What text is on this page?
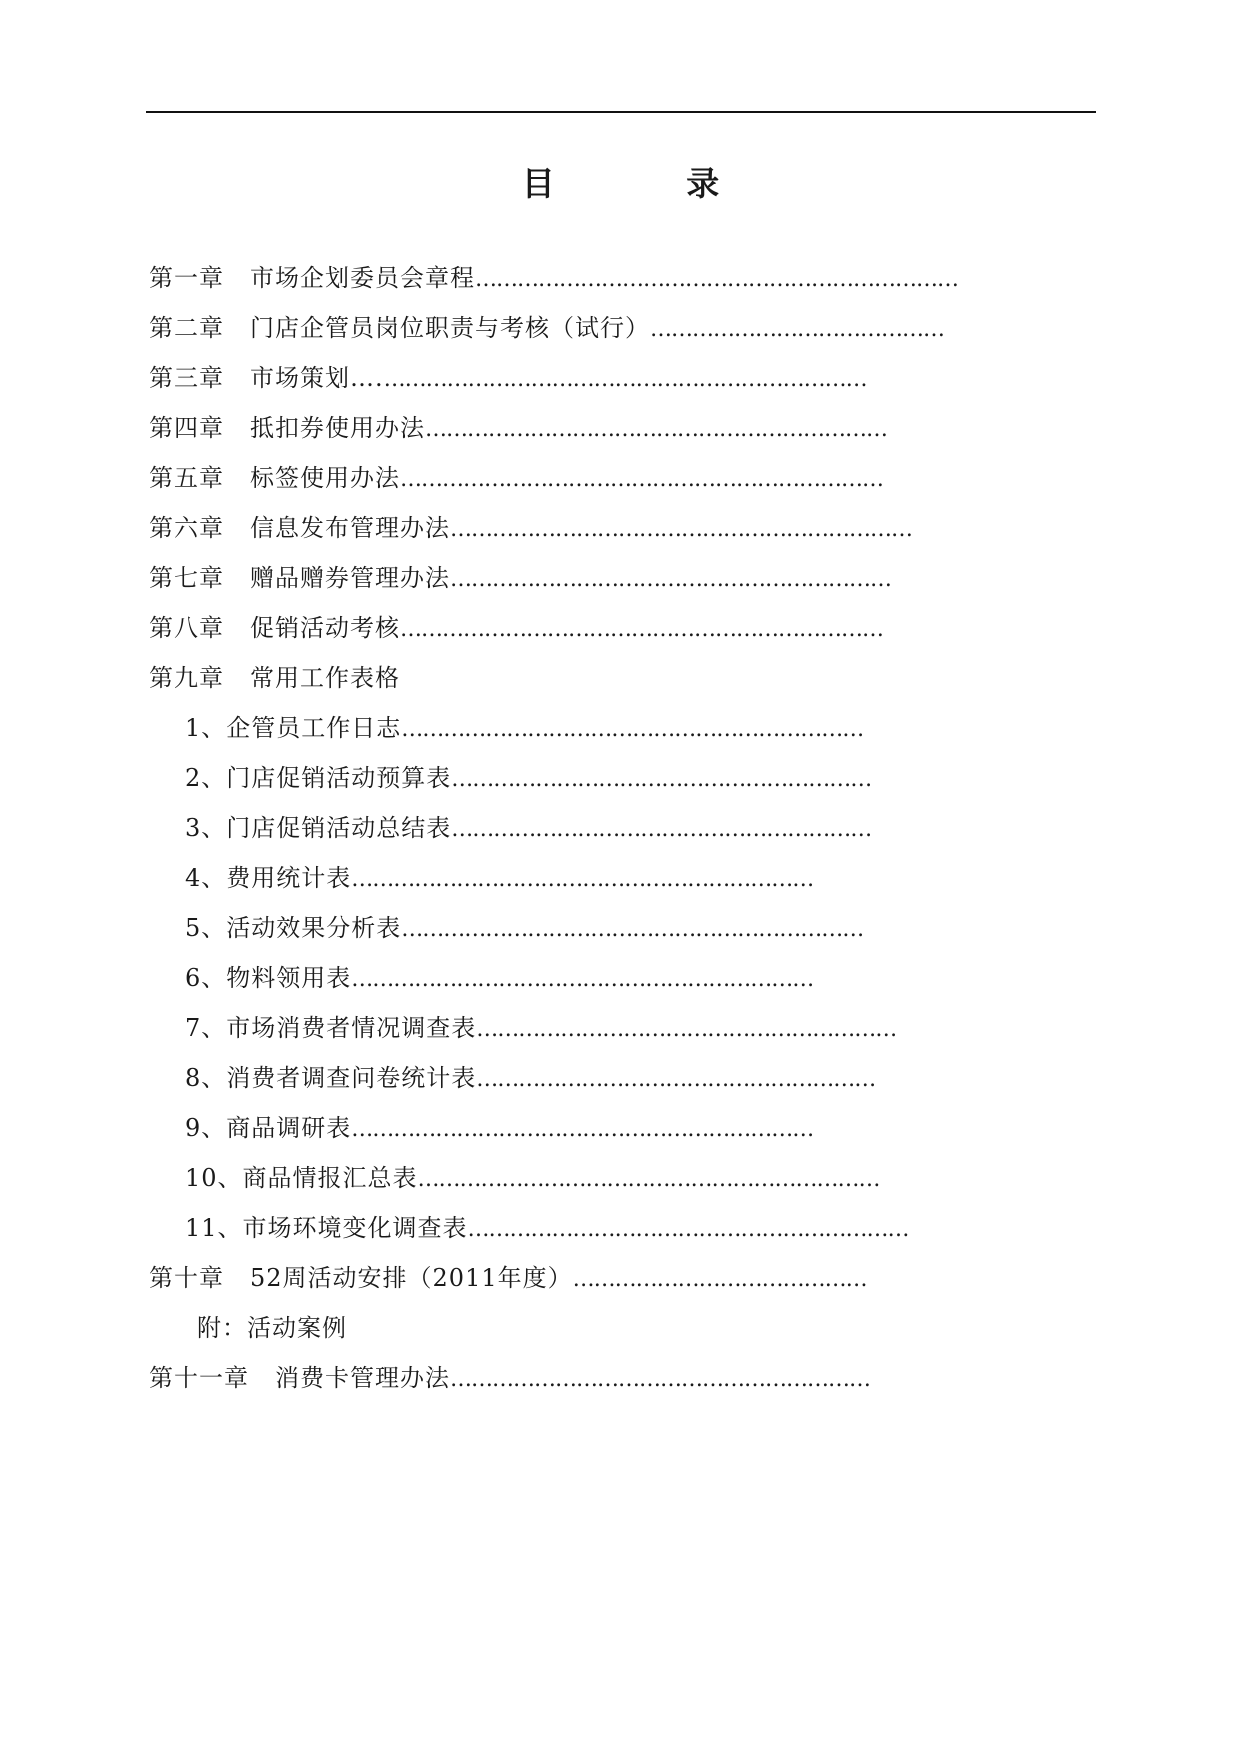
目 录
第一章 市场企划委员会章程……………………………………………………………
第二章 门店企管员岗位职责与考核（试行）……………………………………
第三章 市场策划….……………………………………………………………
第四章 抵扣券使用办法…………………………………………………………
第五章 标签使用办法……………………………………………………………
第六章 信息发布管理办法…………………………………………………………
第七章 赠品赠券管理办法………………………………………………………
第八章 促销活动考核……………………………………………………………
第九章 常用工作表格
1、企管员工作日志…………………………………………………………
2、门店促销活动预算表……………………………………………………
3、门店促销活动总结表……………………………………………………
4、费用统计表…………………………………………………………
5、活动效果分析表…………………………………………………………
6、物料领用表…………………………………………………………
7、市场消费者情况调查表……………………………………………………
8、消费者调查问卷统计表…………………………………………………
9、商品调研表…………………………………………………………
10、商品情报汇总表…………………………………………………………
11、市场环境变化调查表………………………………………………………
第十章 52周活动安排（2011年度）……………………………………
附：活动案例
第十一章 消费卡管理办法……………………………………………………
